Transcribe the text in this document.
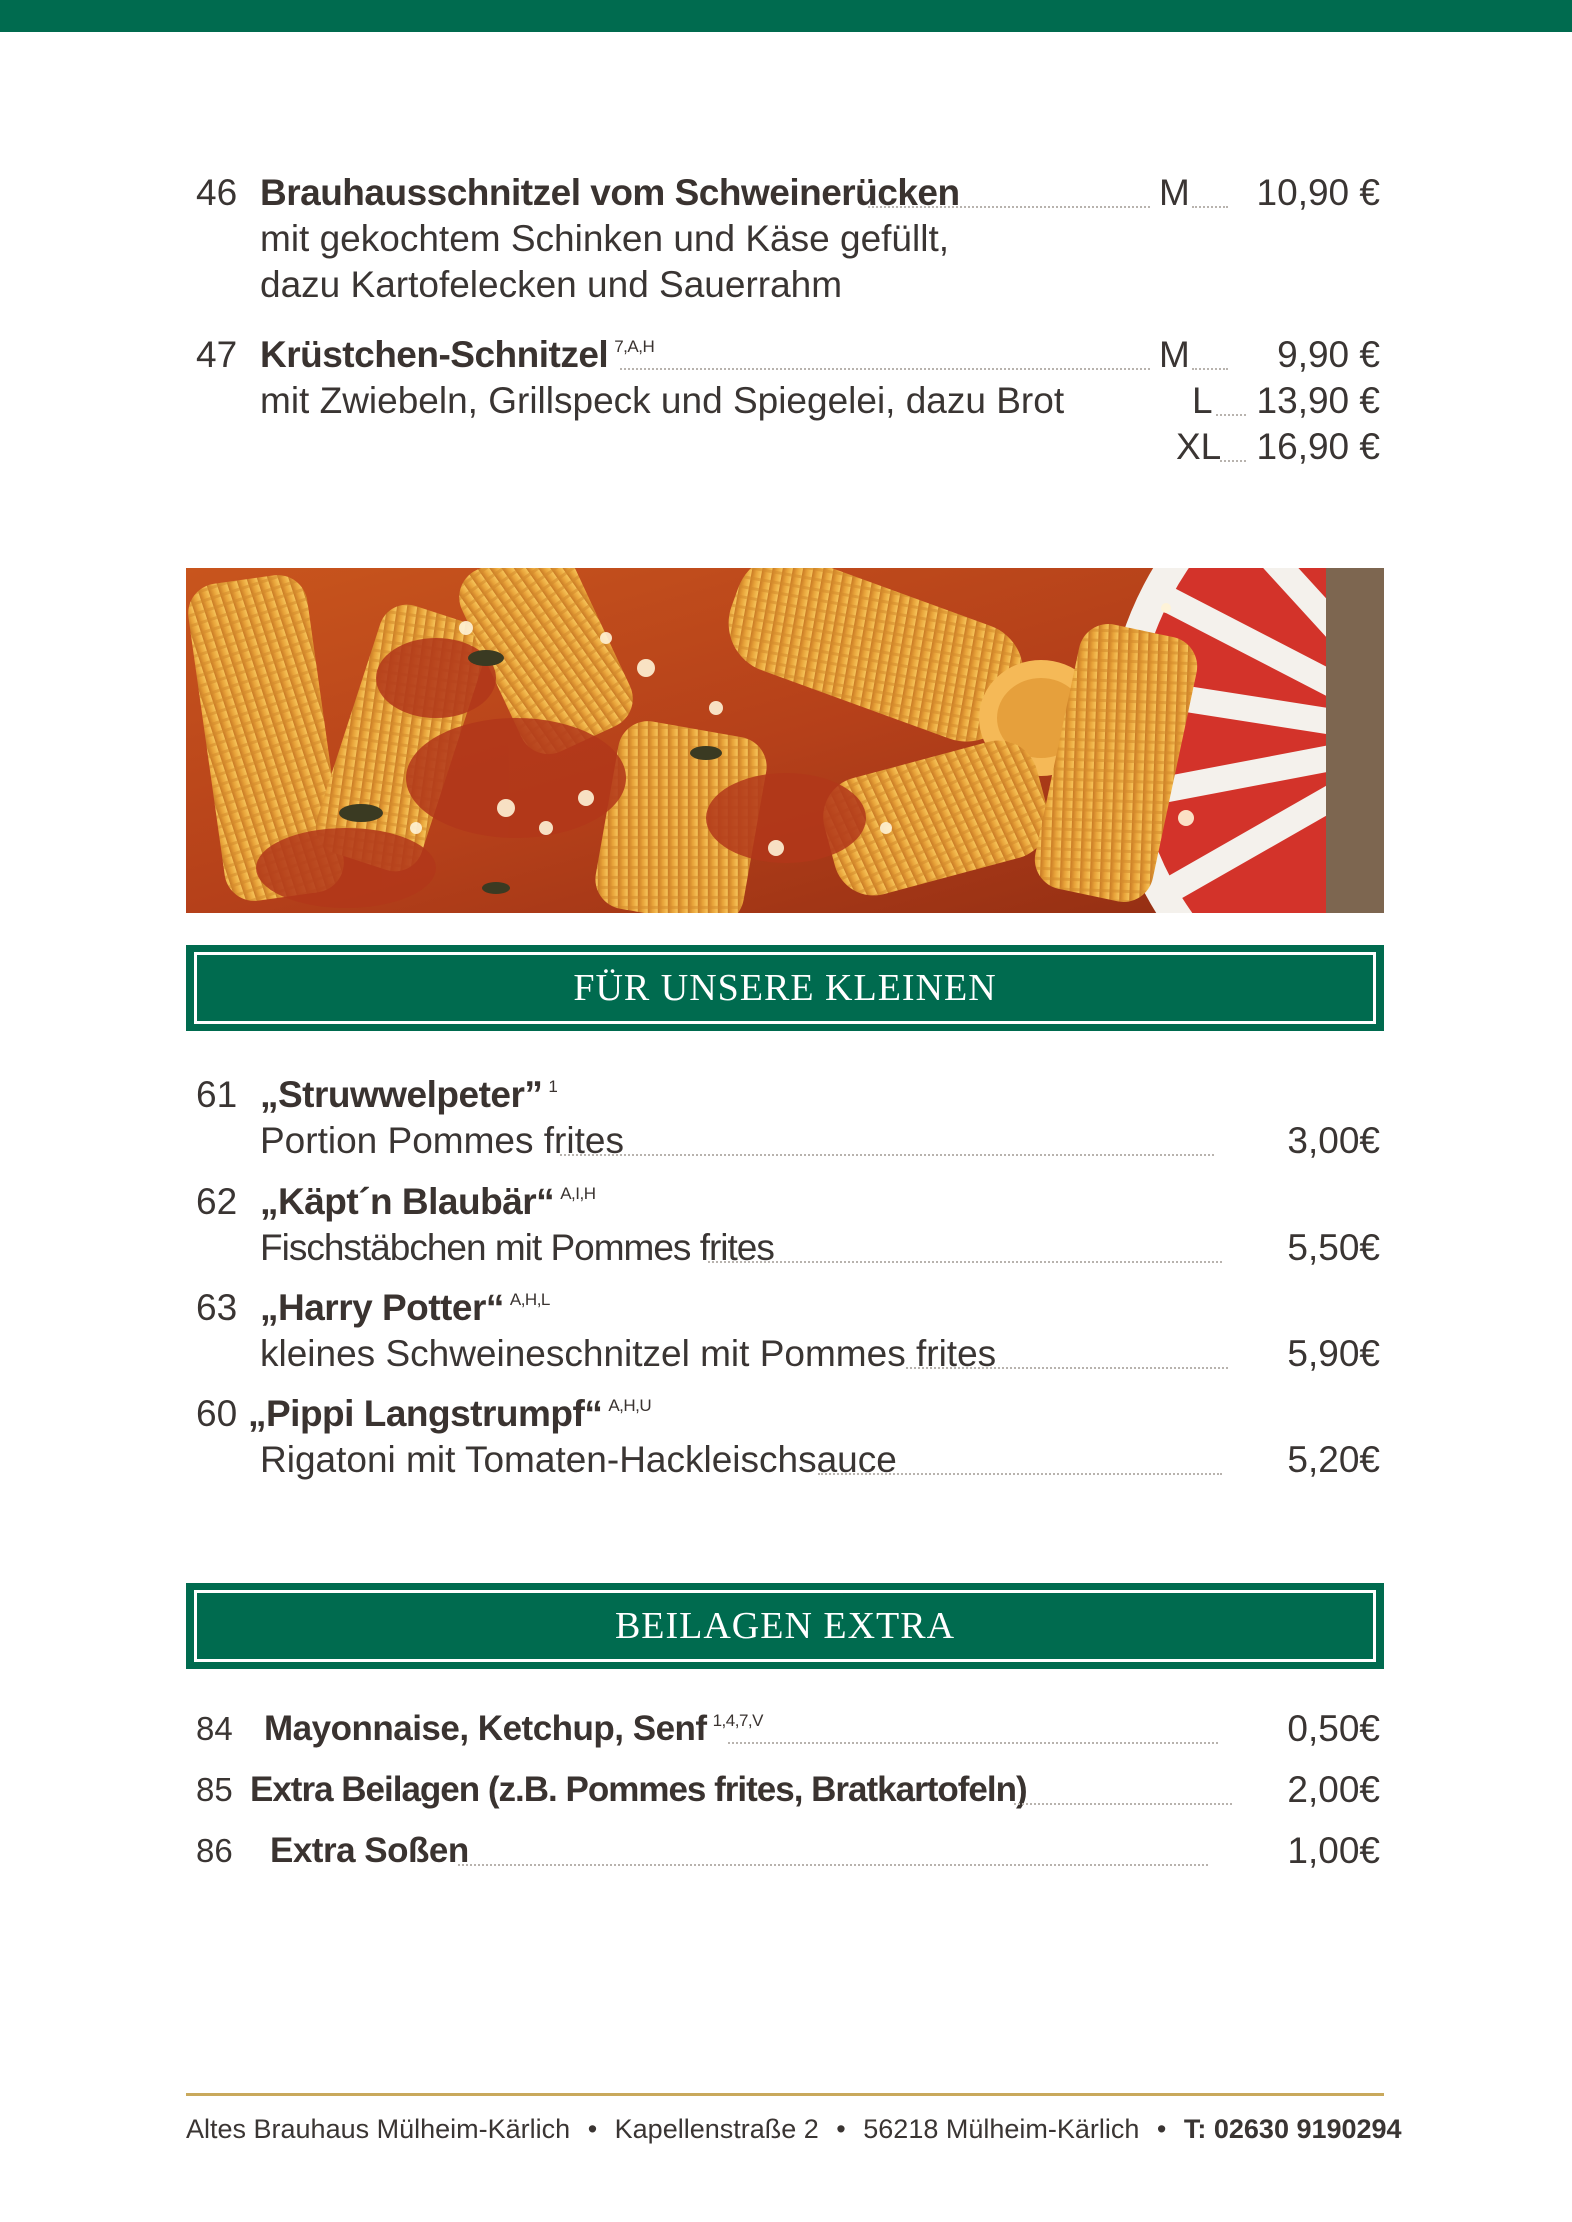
46 Brauhausschnitzel vom Schweinerücken	M 10,90 €
mit gekochtem Schinken und Käse gefüllt,
dazu Kartofelecken und Sauerrahm
47 Krüstchen-Schnitzel $^{7,A,H}$	M 9,90 €
mit Zwiebeln, Grillspeck und Spiegelei, dazu Brot	L 13,90 €
XL 16,90 €
FÜR UNSERE KLEINEN
61 „Struwwelpeter” $^1$
Portion Pommes frites	3,00€
62 „Käpt´n Blaubär“ $^{A,I,H}$
Fischstäbchen mit Pommes frites	5,50€
63 „Harry Potter“ $^{A,H,L}$
kleines Schweineschnitzel mit Pommes frites	5,90€
60 „Pippi Langstrumpf“ $^{A,H,U}$
Rigatoni mit Tomaten-Hackleischsauce	5,20€
BEILAGEN EXTRA
84 Mayonnaise, Ketchup, Senf $^{1,4,7,V}$	0,50€
85 Extra Beilagen (z.B. Pommes frites, Bratkartofeln)	2,00€
86 Extra Soßen	1,00€
Altes Brauhaus Mülheim-Kärlich • Kapellenstraße 2 • 56218 Mülheim-Kärlich • T: 02630 9190294
